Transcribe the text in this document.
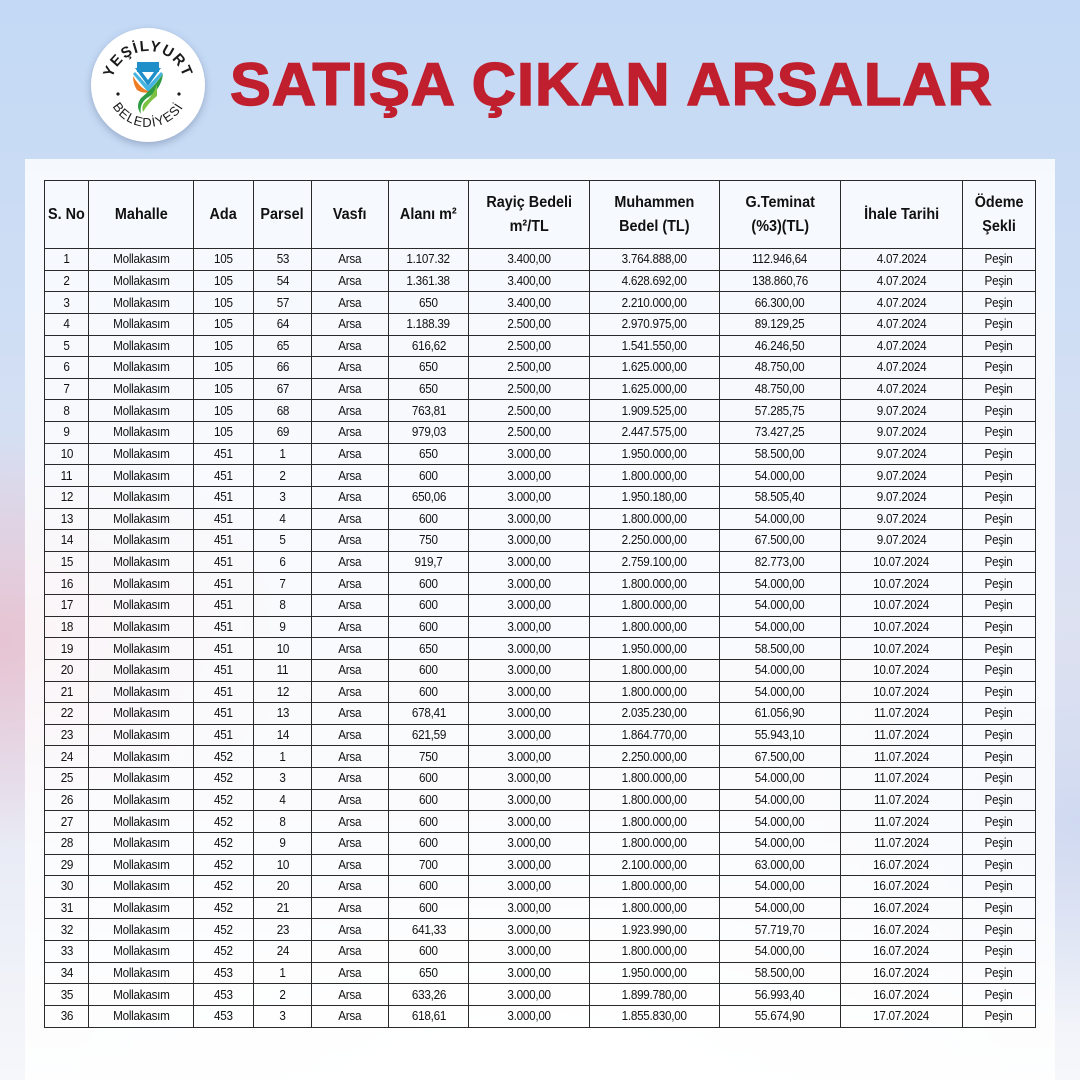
YEŞİLYURT
BELEDİYESİ SATIŞA ÇIKAN ARSALAR
S. No	Mahalle	Ada	Parsel	Vasfı	Alanı m²	Rayiç Bedeli m²/TL	Muhammen Bedel (TL)	G.Teminat (%3)(TL)	İhale Tarihi	Ödeme Şekli
1	Mollakasım	105	53	Arsa	1.107.32	3.400,00	3.764.888,00	112.946,64	4.07.2024	Peşin
2	Mollakasım	105	54	Arsa	1.361.38	3.400,00	4.628.692,00	138.860,76	4.07.2024	Peşin
3	Mollakasım	105	57	Arsa	650	3.400,00	2.210.000,00	66.300,00	4.07.2024	Peşin
4	Mollakasım	105	64	Arsa	1.188.39	2.500,00	2.970.975,00	89.129,25	4.07.2024	Peşin
5	Mollakasım	105	65	Arsa	616,62	2.500,00	1.541.550,00	46.246,50	4.07.2024	Peşin
6	Mollakasım	105	66	Arsa	650	2.500,00	1.625.000,00	48.750,00	4.07.2024	Peşin
7	Mollakasım	105	67	Arsa	650	2.500,00	1.625.000,00	48.750,00	4.07.2024	Peşin
8	Mollakasım	105	68	Arsa	763,81	2.500,00	1.909.525,00	57.285,75	9.07.2024	Peşin
9	Mollakasım	105	69	Arsa	979,03	2.500,00	2.447.575,00	73.427,25	9.07.2024	Peşin
10	Mollakasım	451	1	Arsa	650	3.000,00	1.950.000,00	58.500,00	9.07.2024	Peşin
11	Mollakasım	451	2	Arsa	600	3.000,00	1.800.000,00	54.000,00	9.07.2024	Peşin
12	Mollakasım	451	3	Arsa	650,06	3.000,00	1.950.180,00	58.505,40	9.07.2024	Peşin
13	Mollakasım	451	4	Arsa	600	3.000,00	1.800.000,00	54.000,00	9.07.2024	Peşin
14	Mollakasım	451	5	Arsa	750	3.000,00	2.250.000,00	67.500,00	9.07.2024	Peşin
15	Mollakasım	451	6	Arsa	919,7	3.000,00	2.759.100,00	82.773,00	10.07.2024	Peşin
16	Mollakasım	451	7	Arsa	600	3.000,00	1.800.000,00	54.000,00	10.07.2024	Peşin
17	Mollakasım	451	8	Arsa	600	3.000,00	1.800.000,00	54.000,00	10.07.2024	Peşin
18	Mollakasım	451	9	Arsa	600	3.000,00	1.800.000,00	54.000,00	10.07.2024	Peşin
19	Mollakasım	451	10	Arsa	650	3.000,00	1.950.000,00	58.500,00	10.07.2024	Peşin
20	Mollakasım	451	11	Arsa	600	3.000,00	1.800.000,00	54.000,00	10.07.2024	Peşin
21	Mollakasım	451	12	Arsa	600	3.000,00	1.800.000,00	54.000,00	10.07.2024	Peşin
22	Mollakasım	451	13	Arsa	678,41	3.000,00	2.035.230,00	61.056,90	11.07.2024	Peşin
23	Mollakasım	451	14	Arsa	621,59	3.000,00	1.864.770,00	55.943,10	11.07.2024	Peşin
24	Mollakasım	452	1	Arsa	750	3.000,00	2.250.000,00	67.500,00	11.07.2024	Peşin
25	Mollakasım	452	3	Arsa	600	3.000,00	1.800.000,00	54.000,00	11.07.2024	Peşin
26	Mollakasım	452	4	Arsa	600	3.000,00	1.800.000,00	54.000,00	11.07.2024	Peşin
27	Mollakasım	452	8	Arsa	600	3.000,00	1.800.000,00	54.000,00	11.07.2024	Peşin
28	Mollakasım	452	9	Arsa	600	3.000,00	1.800.000,00	54.000,00	11.07.2024	Peşin
29	Mollakasım	452	10	Arsa	700	3.000,00	2.100.000,00	63.000,00	16.07.2024	Peşin
30	Mollakasım	452	20	Arsa	600	3.000,00	1.800.000,00	54.000,00	16.07.2024	Peşin
31	Mollakasım	452	21	Arsa	600	3.000,00	1.800.000,00	54.000,00	16.07.2024	Peşin
32	Mollakasım	452	23	Arsa	641,33	3.000,00	1.923.990,00	57.719,70	16.07.2024	Peşin
33	Mollakasım	452	24	Arsa	600	3.000,00	1.800.000,00	54.000,00	16.07.2024	Peşin
34	Mollakasım	453	1	Arsa	650	3.000,00	1.950.000,00	58.500,00	16.07.2024	Peşin
35	Mollakasım	453	2	Arsa	633,26	3.000,00	1.899.780,00	56.993,40	16.07.2024	Peşin
36	Mollakasım	453	3	Arsa	618,61	3.000,00	1.855.830,00	55.674,90	17.07.2024	Peşin
